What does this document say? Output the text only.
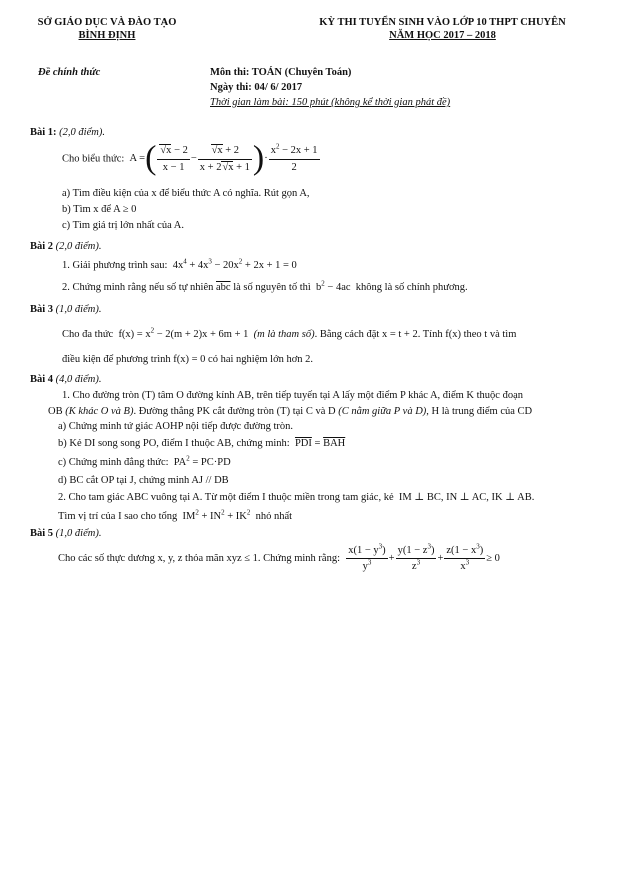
SỞ GIÁO DỤC VÀ ĐÀO TẠO
BÌNH ĐỊNH
KỲ THI TUYỂN SINH VÀO LỚP 10 THPT CHUYÊN
NĂM HỌC 2017 – 2018
Đề chính thức	Môn thi: TOÁN (Chuyên Toán)
Ngày thi: 04/ 6/ 2017
Thời gian làm bài: 150 phút (không kể thời gian phát đề)
Bài 1: (2,0 điểm).
Cho biểu thức:  A =( $\frac{√x - 2}{x - 1} - \frac{√x + 2}{x + 2√x + 1}$ )· $\frac{x^2 - 2x + 1}{2}$
a) Tìm điều kiện của x để biểu thức A có nghĩa. Rút gọn A,
b) Tìm x để A ≥ 0
c) Tìm giá trị lớn nhất của A.
Bài 2 (2,0 điểm).
1. Giải phương trình sau:  $4x^4 + 4x^3 - 20x^2 + 2x + 1 = 0$
2. Chứng minh rằng nếu số tự nhiên $\overline{abc}$ là số nguyên tố thì  $b^2 - 4ac$  không là số chính phương.
Bài 3 (1,0 điểm).
Cho đa thức  $f(x) = x^2 - 2(m + 2)x + 6m + 1$  (m là tham số). Bằng cách đặt x = t + 2. Tính f(x) theo t và tìm
điều kiện để phương trình f(x) = 0 có hai nghiệm lớn hơn 2.
Bài 4 (4,0 điểm).
1. Cho đường tròn (T) tâm O đường kính AB, trên tiếp tuyến tại A lấy một điểm P khác A, điểm K thuộc đoạn
OB (K khác O và B). Đường thẳng PK cắt đường tròn (T) tại C và D (C nằm giữa P và D), H là trung điểm của CD
a) Chứng minh tứ giác AOHP nội tiếp được đường tròn.
b) Kẻ DI song song PO, điểm I thuộc AB, chứng minh: $\overline{PDI} = \overline{BAH}$
c) Chứng minh đẳng thức:  $PA^2 = PC\cdot PD$
d) BC cắt OP tại J, chứng minh AJ // DB
2. Cho tam giác ABC vuông tại A. Từ một điểm I thuộc miền trong tam giác, kẻ  IM ⊥ BC, IN ⊥ AC, IK ⊥ AB.
Tìm vị trí của I sao cho tổng  $IM^2 + IN^2 + IK^2$ nhỏ nhất
Bài 5 (1,0 điểm).
Cho các số thực dương x, y, z thỏa mãn xyz ≤ 1. Chứng minh rằng: $\frac{x(1 - y^3)}{y^3} + \frac{y(1 - z^3)}{z^3} + \frac{z(1 - x^3)}{x^3} \ge 0$
